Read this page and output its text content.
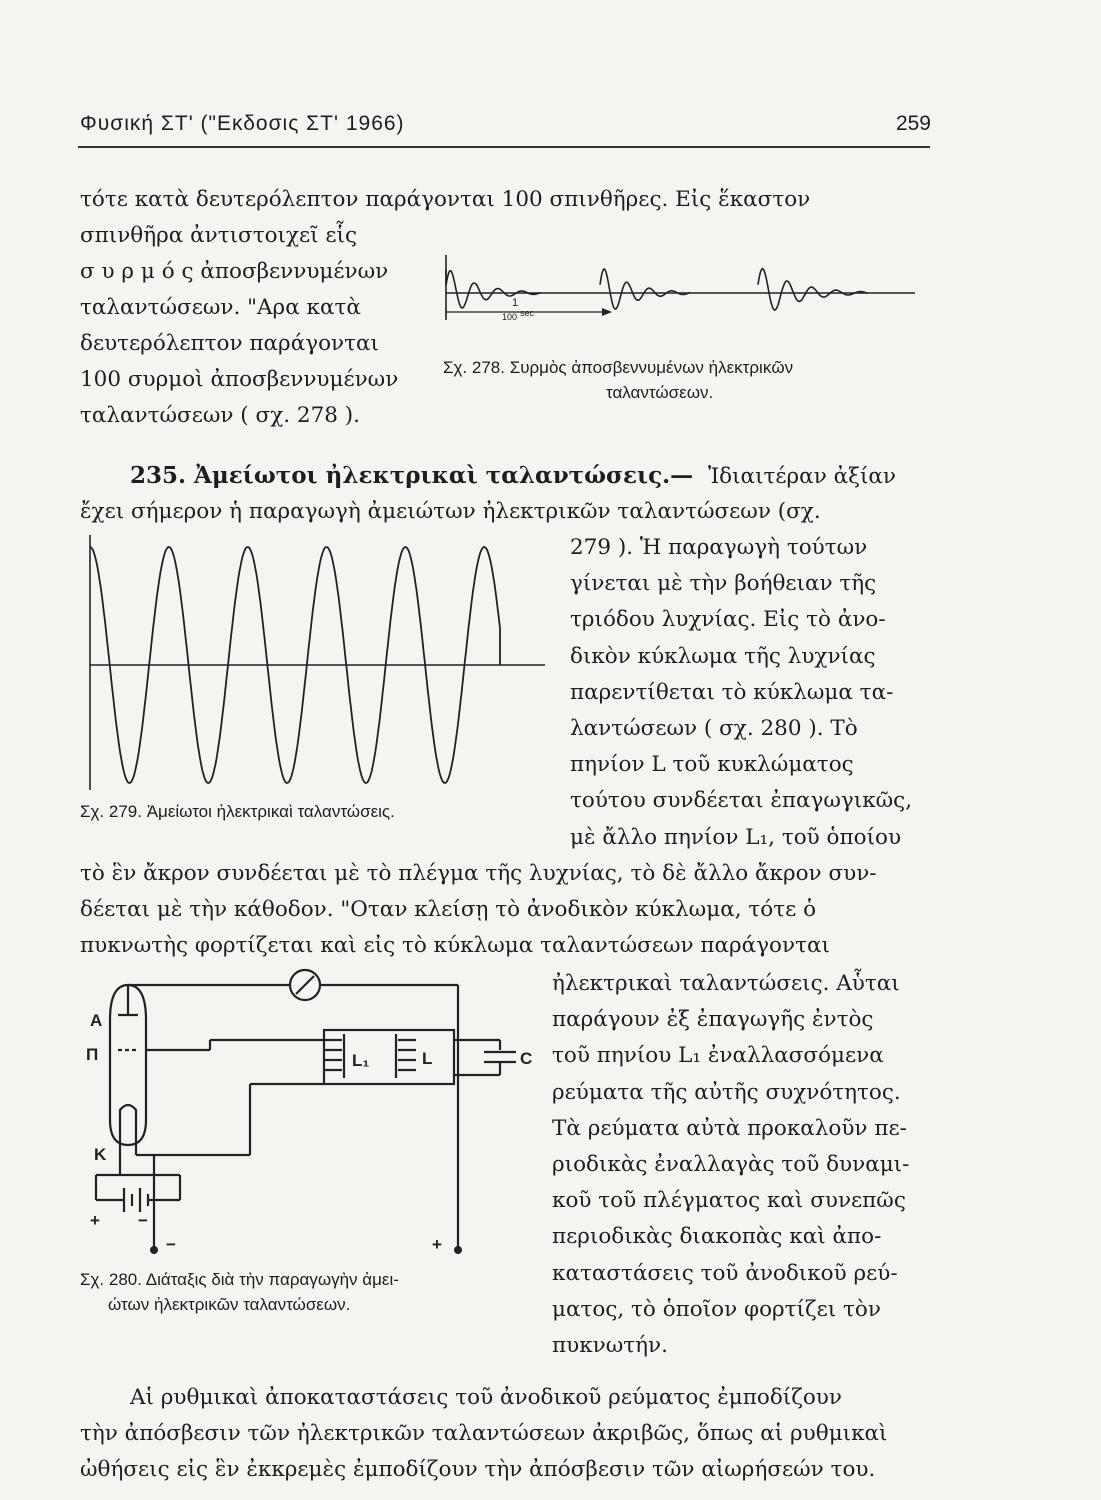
Φυσική ΣΤ' ("Εκδοσις ΣΤ' 1966)	259
τότε κατὰ δευτερόλεπτον παράγονται 100 σπινθῆρες. Εἰς ἕκαστον
σπινθῆρα ἀντιστοιχεῖ εἷς
σ υ ρ μ ό ς ἀποσβεννυμένων
ταλαντώσεων. "Αρα κατὰ
δευτερόλεπτον παράγονται
100 συρμοὶ ἀποσβεννυμένων
ταλαντώσεων ( σχ. 278 ).
1
100 sec
Σχ. 278. Συρμὸς ἀποσβεννυμένων ἠλεκτρικῶν
ταλαντώσεων.
235. Ἀμείωτοι ἠλεκτρικαὶ ταλαντώσεις.— Ἰδιαιτέραν ἀξίαν
ἔχει σήμερον ἡ παραγωγὴ ἀμειώτων ἠλεκτρικῶν ταλαντώσεων (σχ.
Σχ. 279. Ἀμείωτοι ἠλεκτρικαὶ ταλαντώσεις.
279 ). Ἡ παραγωγὴ τούτων
γίνεται μὲ τὴν βοήθειαν τῆς
τριόδου λυχνίας. Εἰς τὸ ἀνο-
δικὸν κύκλωμα τῆς λυχνίας
παρεντίθεται τὸ κύκλωμα τα-
λαντώσεων ( σχ. 280 ). Τὸ
πηνίον L τοῦ κυκλώματος
τούτου συνδέεται ἐπαγωγικῶς,
μὲ ἄλλο πηνίον L₁, τοῦ ὁποίου
τὸ ἓν ἄκρον συνδέεται μὲ τὸ πλέγμα τῆς λυχνίας, τὸ δὲ ἄλλο ἄκρον συν-
δέεται μὲ τὴν κάθοδον. "Οταν κλείσῃ τὸ ἀνοδικὸν κύκλωμα, τότε ὁ
πυκνωτὴς φορτίζεται καὶ εἰς τὸ κύκλωμα ταλαντώσεων παράγονται
A
Π
K
L₁	L	C
+ −
−	+
Σχ. 280. Διάταξις διὰ τὴν παραγωγὴν ἀμει-
ώτων ἠλεκτρικῶν ταλαντώσεων.
ἠλεκτρικαὶ ταλαντώσεις. Αὗται
παράγουν ἐξ ἐπαγωγῆς ἐντὸς
τοῦ πηνίου L₁ ἐναλλασσόμενα
ρεύματα τῆς αὐτῆς συχνότητος.
Τὰ ρεύματα αὐτὰ προκαλοῦν πε-
ριοδικὰς ἐναλλαγὰς τοῦ δυναμι-
κοῦ τοῦ πλέγματος καὶ συνεπῶς
περιοδικὰς διακοπὰς καὶ ἀπο-
καταστάσεις τοῦ ἀνοδικοῦ ρεύ-
ματος, τὸ ὁποῖον φορτίζει τὸν
πυκνωτήν.
Αἱ ρυθμικαὶ ἀποκαταστάσεις τοῦ ἀνοδικοῦ ρεύματος ἐμποδίζουν
τὴν ἀπόσβεσιν τῶν ἠλεκτρικῶν ταλαντώσεων ἀκριβῶς, ὅπως αἱ ρυθμικαὶ
ὠθήσεις εἰς ἓν ἐκκρεμὲς ἐμποδίζουν τὴν ἀπόσβεσιν τῶν αἰωρήσεών του.
